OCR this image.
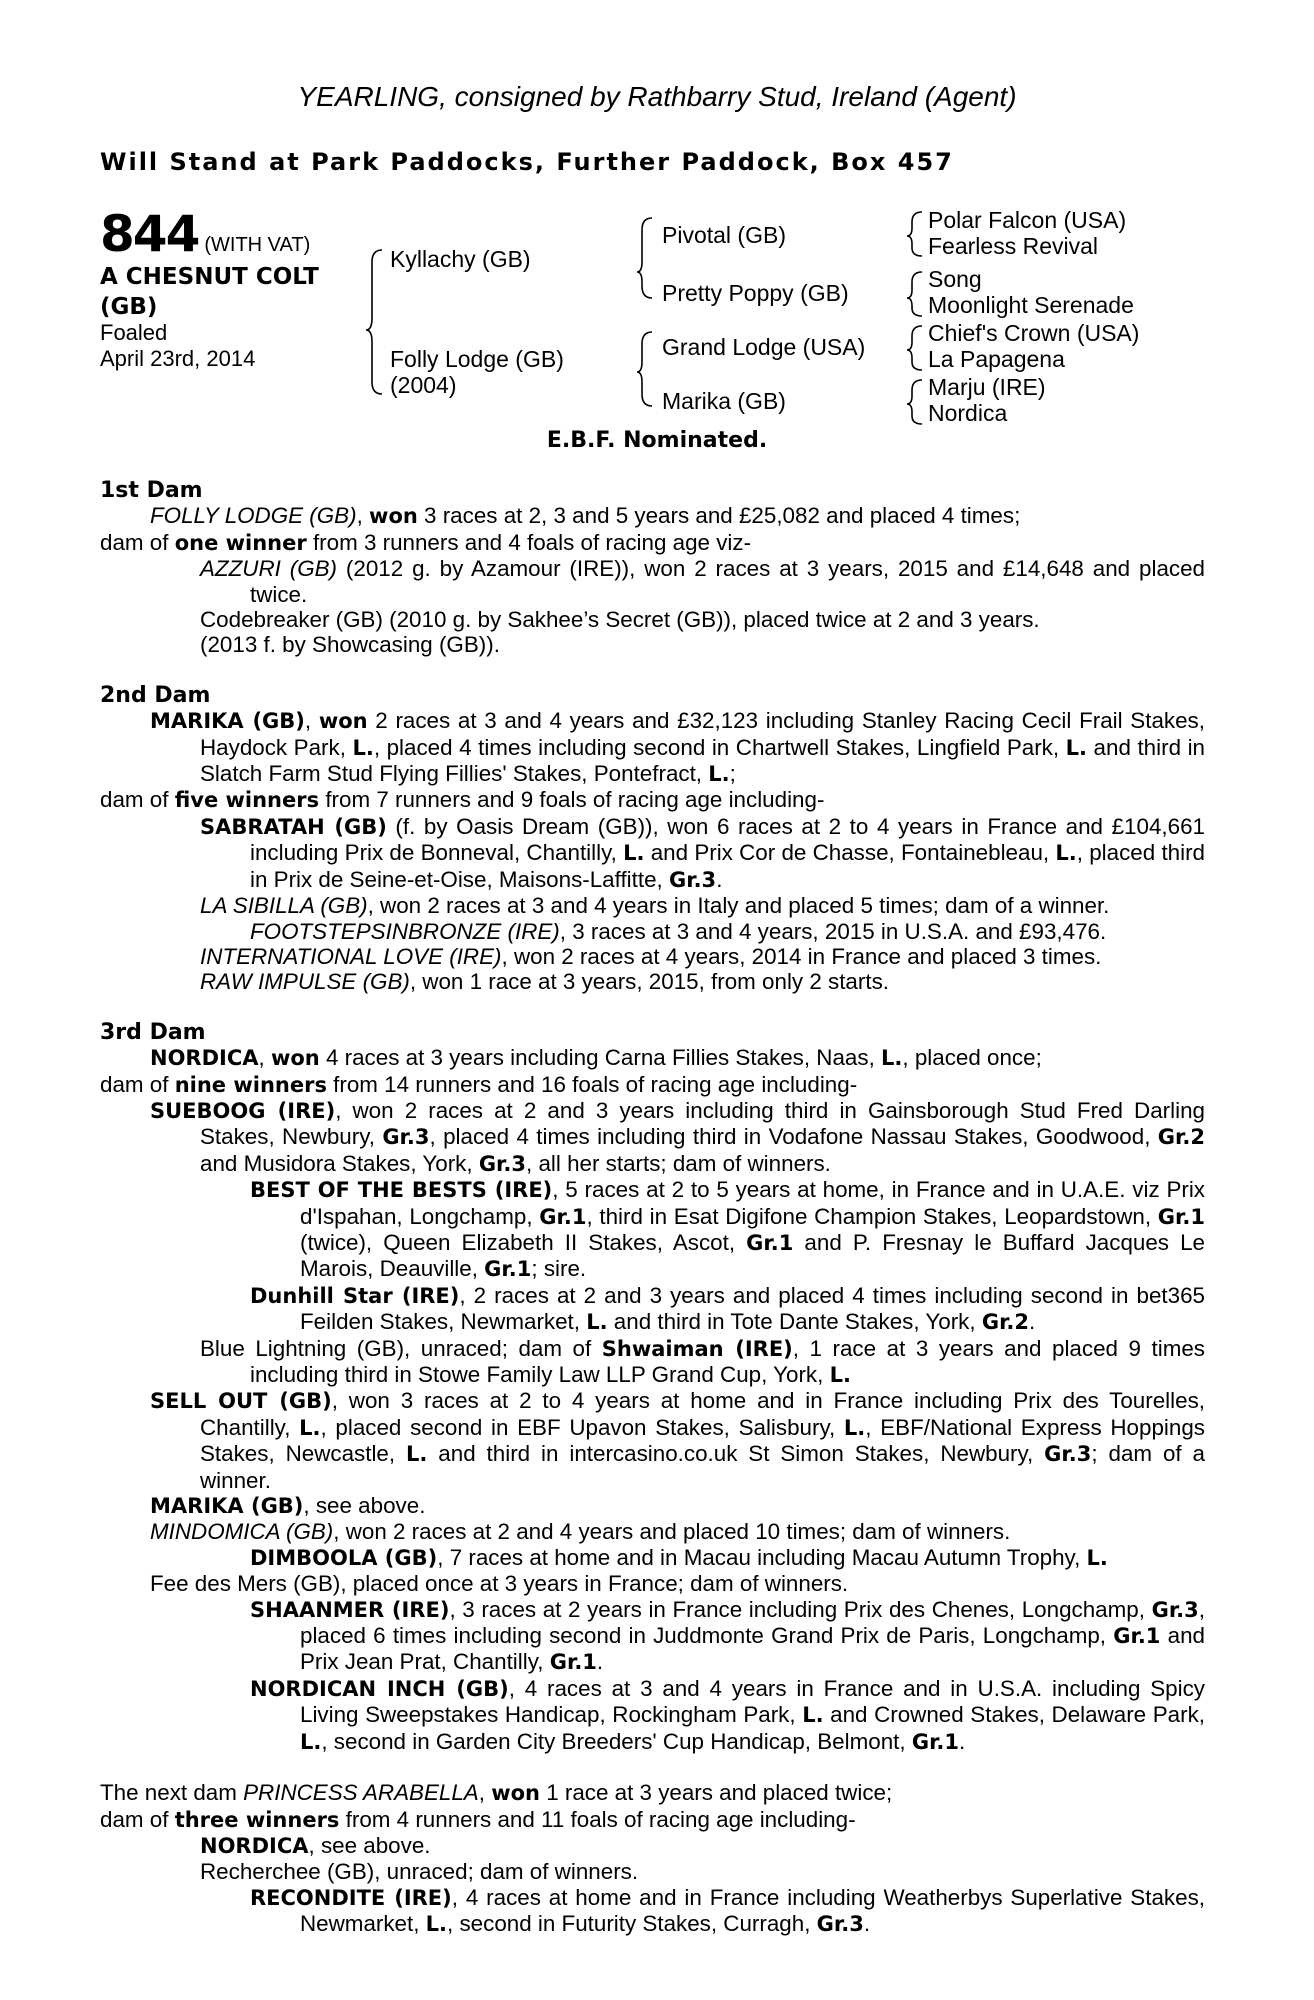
YEARLING, consigned by Rathbarry Stud, Ireland (Agent)
Will Stand at Park Paddocks, Further Paddock, Box 457
844 (WITH VAT)
A CHESNUT COLT
(GB)
Foaled
April 23rd, 2014
Kyllachy (GB)
Folly Lodge (GB)
(2004)
Pivotal (GB)
Pretty Poppy (GB)
Grand Lodge (USA)
Marika (GB)
Polar Falcon (USA)
Fearless Revival
Song
Moonlight Serenade
Chief's Crown (USA)
La Papagena
Marju (IRE)
Nordica
E.B.F. Nominated.

1st Dam

FOLLY LODGE (GB), won 3 races at 2, 3 and 5 years and £25,082 and placed 4 times;

dam of one winner from 3 runners and 4 foals of racing age viz-

AZZURI (GB) (2012 g. by Azamour (IRE)), won 2 races at 3 years, 2015 and £14,648 and placed twice.

Codebreaker (GB) (2010 g. by Sakhee’s Secret (GB)), placed twice at 2 and 3 years.

(2013 f. by Showcasing (GB)).

2nd Dam

MARIKA (GB), won 2 races at 3 and 4 years and £32,123 including Stanley Racing Cecil Frail Stakes, Haydock Park, L., placed 4 times including second in Chartwell Stakes, Lingfield Park, L. and third in Slatch Farm Stud Flying Fillies' Stakes, Pontefract, L.;

dam of five winners from 7 runners and 9 foals of racing age including-

SABRATAH (GB) (f. by Oasis Dream (GB)), won 6 races at 2 to 4 years in France and £104,661 including Prix de Bonneval, Chantilly, L. and Prix Cor de Chasse, Fontainebleau, L., placed third in Prix de Seine-et-Oise, Maisons-Laffitte, Gr.3.

LA SIBILLA (GB), won 2 races at 3 and 4 years in Italy and placed 5 times; dam of a winner.

FOOTSTEPSINBRONZE (IRE), 3 races at 3 and 4 years, 2015 in U.S.A. and £93,476.

INTERNATIONAL LOVE (IRE), won 2 races at 4 years, 2014 in France and placed 3 times.

RAW IMPULSE (GB), won 1 race at 3 years, 2015, from only 2 starts.

3rd Dam

NORDICA, won 4 races at 3 years including Carna Fillies Stakes, Naas, L., placed once;

dam of nine winners from 14 runners and 16 foals of racing age including-

SUEBOOG (IRE), won 2 races at 2 and 3 years including third in Gainsborough Stud Fred Darling Stakes, Newbury, Gr.3, placed 4 times including third in Vodafone Nassau Stakes, Goodwood, Gr.2 and Musidora Stakes, York, Gr.3, all her starts; dam of winners.

BEST OF THE BESTS (IRE), 5 races at 2 to 5 years at home, in France and in U.A.E. viz Prix d'Ispahan, Longchamp, Gr.1, third in Esat Digifone Champion Stakes, Leopardstown, Gr.1 (twice), Queen Elizabeth II Stakes, Ascot, Gr.1 and P. Fresnay le Buffard Jacques Le Marois, Deauville, Gr.1; sire.

Dunhill Star (IRE), 2 races at 2 and 3 years and placed 4 times including second in bet365 Feilden Stakes, Newmarket, L. and third in Tote Dante Stakes, York, Gr.2.

Blue Lightning (GB), unraced; dam of Shwaiman (IRE), 1 race at 3 years and placed 9 times including third in Stowe Family Law LLP Grand Cup, York, L.

SELL OUT (GB), won 3 races at 2 to 4 years at home and in France including Prix des Tourelles, Chantilly, L., placed second in EBF Upavon Stakes, Salisbury, L., EBF/National Express Hoppings Stakes, Newcastle, L. and third in intercasino.co.uk St Simon Stakes, Newbury, Gr.3; dam of a winner.

MARIKA (GB), see above.

MINDOMICA (GB), won 2 races at 2 and 4 years and placed 10 times; dam of winners.

DIMBOOLA (GB), 7 races at home and in Macau including Macau Autumn Trophy, L.

Fee des Mers (GB), placed once at 3 years in France; dam of winners.

SHAANMER (IRE), 3 races at 2 years in France including Prix des Chenes, Longchamp, Gr.3, placed 6 times including second in Juddmonte Grand Prix de Paris, Longchamp, Gr.1 and Prix Jean Prat, Chantilly, Gr.1.

NORDICAN INCH (GB), 4 races at 3 and 4 years in France and in U.S.A. including Spicy Living Sweepstakes Handicap, Rockingham Park, L. and Crowned Stakes, Delaware Park, L., second in Garden City Breeders' Cup Handicap, Belmont, Gr.1.

The next dam PRINCESS ARABELLA, won 1 race at 3 years and placed twice;

dam of three winners from 4 runners and 11 foals of racing age including-

NORDICA, see above.

Recherchee (GB), unraced; dam of winners.

RECONDITE (IRE), 4 races at home and in France including Weatherbys Superlative Stakes, Newmarket, L., second in Futurity Stakes, Curragh, Gr.3.
